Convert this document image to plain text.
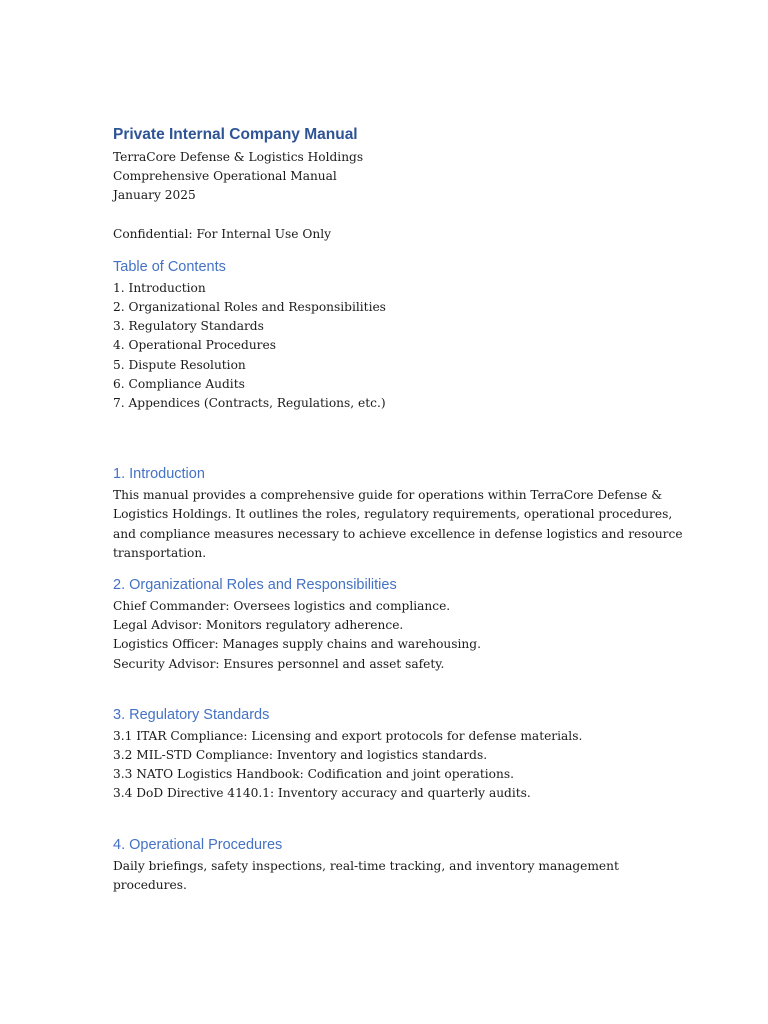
Private Internal Company Manual
TerraCore Defense & Logistics Holdings
Comprehensive Operational Manual
January 2025
Confidential: For Internal Use Only
Table of Contents
1. Introduction
2. Organizational Roles and Responsibilities
3. Regulatory Standards
4. Operational Procedures
5. Dispute Resolution
6. Compliance Audits
7. Appendices (Contracts, Regulations, etc.)
1. Introduction
This manual provides a comprehensive guide for operations within TerraCore Defense &
Logistics Holdings. It outlines the roles, regulatory requirements, operational procedures,
and compliance measures necessary to achieve excellence in defense logistics and resource
transportation.
2. Organizational Roles and Responsibilities
Chief Commander: Oversees logistics and compliance.
Legal Advisor: Monitors regulatory adherence.
Logistics Officer: Manages supply chains and warehousing.
Security Advisor: Ensures personnel and asset safety.
3. Regulatory Standards
3.1 ITAR Compliance: Licensing and export protocols for defense materials.
3.2 MIL-STD Compliance: Inventory and logistics standards.
3.3 NATO Logistics Handbook: Codification and joint operations.
3.4 DoD Directive 4140.1: Inventory accuracy and quarterly audits.
4. Operational Procedures
Daily briefings, safety inspections, real-time tracking, and inventory management
procedures.
